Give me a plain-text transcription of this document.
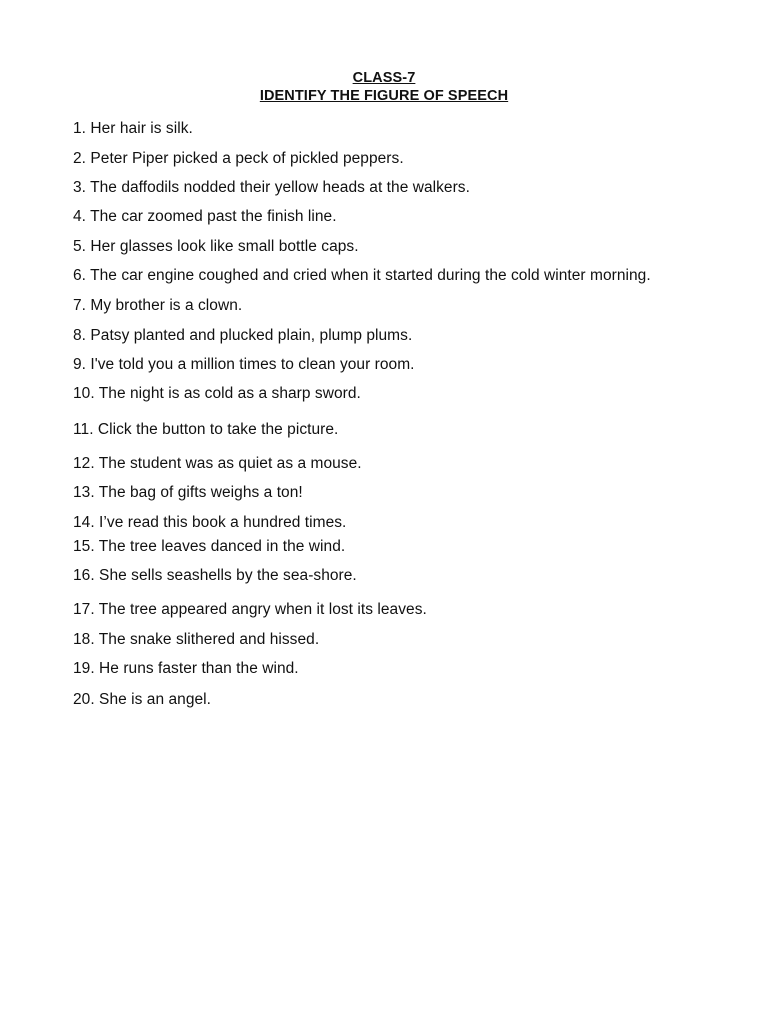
CLASS-7
IDENTIFY THE FIGURE OF SPEECH
1. Her hair is silk.
2. Peter Piper picked a peck of pickled peppers.
3. The daffodils nodded their yellow heads at the walkers.
4. The car zoomed past the finish line.
5. Her glasses look like small bottle caps.
6. The car engine coughed and cried when it started during the cold winter morning.
7. My brother is a clown.
8. Patsy planted and plucked plain, plump plums.
9. I've told you a million times to clean your room.
10. The night is as cold as a sharp sword.
11. Click the button to take the picture.
12. The student was as quiet as a mouse.
13. The bag of gifts weighs a ton!
14. I’ve read this book a hundred times.
15. The tree leaves danced in the wind.
16. She sells seashells by the sea-shore.
17. The tree appeared angry when it lost its leaves.
18. The snake slithered and hissed.
19. He runs faster than the wind.
20. She is an angel.
